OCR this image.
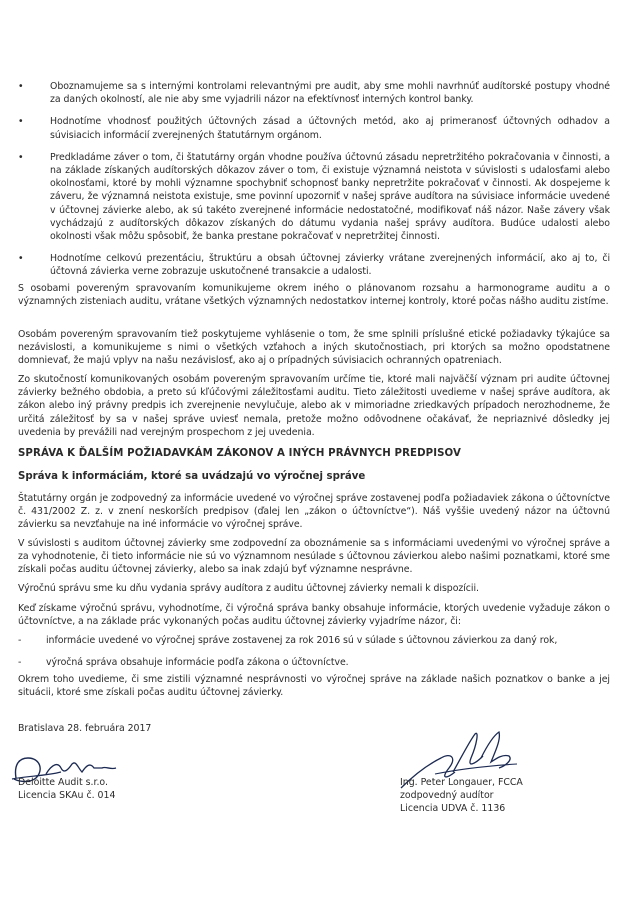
•	Oboznamujeme sa s internými kontrolami relevantnými pre audit, aby sme mohli navrhnúť audítorské postupy vhodné za daných okolností, ale nie aby sme vyjadrili názor na efektívnosť interných kontrol banky.

•	Hodnotíme vhodnosť použitých účtovných zásad a účtovných metód, ako aj primeranosť účtovných odhadov a súvisiacich informácií zverejnených štatutárnym orgánom.

•	Predkladáme záver o tom, či štatutárny orgán vhodne používa účtovnú zásadu nepretržitého pokračovania v činnosti, a na základe získaných audítorských dôkazov záver o tom, či existuje významná neistota v súvislosti s udalosťami alebo okolnosťami, ktoré by mohli významne spochybniť schopnosť banky nepretržite pokračovať v činnosti. Ak dospejeme k záveru, že významná neistota existuje, sme povinní upozorniť v našej správe audítora na súvisiace informácie uvedené v účtovnej závierke alebo, ak sú takéto zverejnené informácie nedostatočné, modifikovať náš názor. Naše závery však vychádzajú z audítorských dôkazov získaných do dátumu vydania našej správy audítora. Budúce udalosti alebo okolnosti však môžu spôsobiť, že banka prestane pokračovať v nepretržitej činnosti.

•	Hodnotíme celkovú prezentáciu, štruktúru a obsah účtovnej závierky vrátane zverejnených informácií, ako aj to, či účtovná závierka verne zobrazuje uskutočnené transakcie a udalosti.

S osobami povereným spravovaním komunikujeme okrem iného o plánovanom rozsahu a harmonograme auditu a o významných zisteniach auditu, vrátane všetkých významných nedostatkov internej kontroly, ktoré počas nášho auditu zistíme.

Osobám povereným spravovaním tiež poskytujeme vyhlásenie o tom, že sme splnili príslušné etické požiadavky týkajúce sa nezávislosti, a komunikujeme s nimi o všetkých vzťahoch a iných skutočnostiach, pri ktorých sa možno opodstatnene domnievať, že majú vplyv na našu nezávislosť, ako aj o prípadných súvisiacich ochranných opatreniach.

Zo skutočností komunikovaných osobám povereným spravovaním určíme tie, ktoré mali najväčší význam pri audite účtovnej závierky bežného obdobia, a preto sú kľúčovými záležitosťami auditu. Tieto záležitosti uvedieme v našej správe audítora, ak zákon alebo iný právny predpis ich zverejnenie nevylučuje, alebo ak v mimoriadne zriedkavých prípadoch nerozhodneme, že určitá záležitosť by sa v našej správe uviesť nemala, pretože možno odôvodnene očakávať, že nepriaznivé dôsledky jej uvedenia by prevážili nad verejným prospechom z jej uvedenia.

SPRÁVA K ĎALŠÍM POŽIADAVKÁM ZÁKONOV A INÝCH PRÁVNYCH PREDPISOV

Správa k informáciám, ktoré sa uvádzajú vo výročnej správe

Štatutárny orgán je zodpovedný za informácie uvedené vo výročnej správe zostavenej podľa požiadaviek zákona o účtovníctve č. 431/2002 Z. z. v znení neskorších predpisov (ďalej len „zákon o účtovníctve“). Náš vyššie uvedený názor na účtovnú závierku sa nevzťahuje na iné informácie vo výročnej správe.

V súvislosti s auditom účtovnej závierky sme zodpovední za oboznámenie sa s informáciami uvedenými vo výročnej správe a za vyhodnotenie, či tieto informácie nie sú vo významnom nesúlade s účtovnou závierkou alebo našimi poznatkami, ktoré sme získali počas auditu účtovnej závierky, alebo sa inak zdajú byť významne nesprávne.

Výročnú správu sme ku dňu vydania správy audítora z auditu účtovnej závierky nemali k dispozícii.

Keď získame výročnú správu, vyhodnotíme, či výročná správa banky obsahuje informácie, ktorých uvedenie vyžaduje zákon o účtovníctve, a na základe prác vykonaných počas auditu účtovnej závierky vyjadríme názor, či:

-	informácie uvedené vo výročnej správe zostavenej za rok 2016 sú v súlade s účtovnou závierkou za daný rok,

-	výročná správa obsahuje informácie podľa zákona o účtovníctve.

Okrem toho uvedieme, či sme zistili významné nesprávnosti vo výročnej správe na základe našich poznatkov o banke a jej situácii, ktoré sme získali počas auditu účtovnej závierky.

Bratislava 28. februára 2017

Deloitte Audit s.r.o.

Licencia SKAu č. 014

Ing. Peter Longauer, FCCA

zodpovedný audítor

Licencia UDVA č. 1136
